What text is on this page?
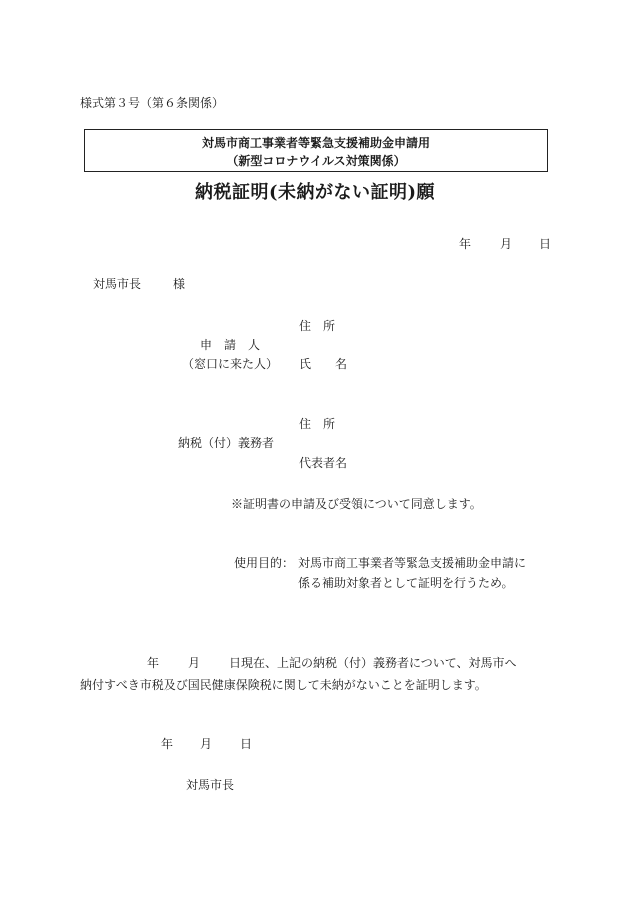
様式第３号（第６条関係）
対馬市商工事業者等緊急支援補助金申請用
（新型コロナウイルス対策関係）
納税証明(未納がない証明)願
年 月 日
対馬市長	様
住　所
申　請　人
（窓口に来た人） 氏　　名
住　所
納税（付）義務者
代表者名
※証明書の申請及び受領について同意します。
使用目的： 対馬市商工事業者等緊急支援補助金申請に
係る補助対象者として証明を行うため。
年 月 日現在、上記の納税（付）義務者について、対馬市へ
納付すべき市税及び国民健康保険税に関して未納がないことを証明します。
年 月 日
対馬市長
